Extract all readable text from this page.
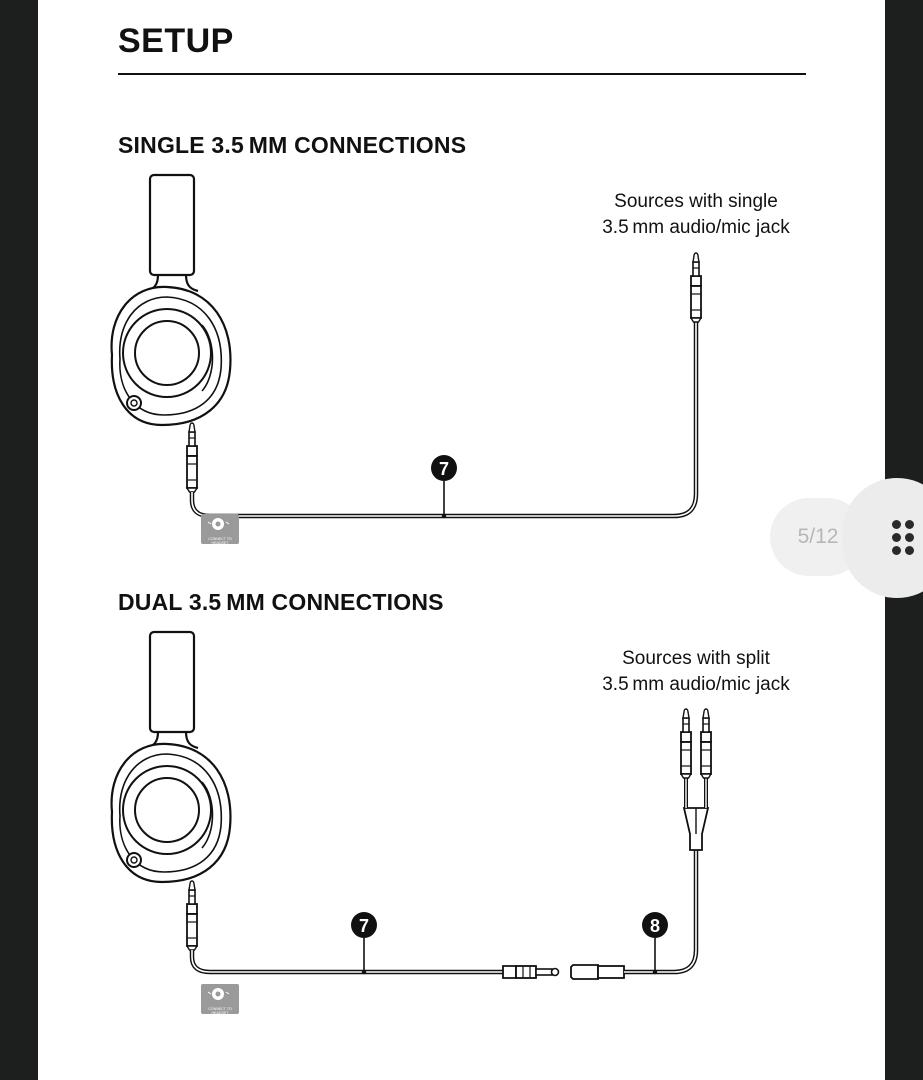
SETUP
SINGLE 3.5 MM CONNECTIONS
Sources with single
3.5 mm audio/mic jack
DUAL 3.5 MM CONNECTIONS
Sources with split
3.5 mm audio/mic jack
7
CONNECT TO
HEADSET
7	8
CONNECT TO
HEADSET
5/12
